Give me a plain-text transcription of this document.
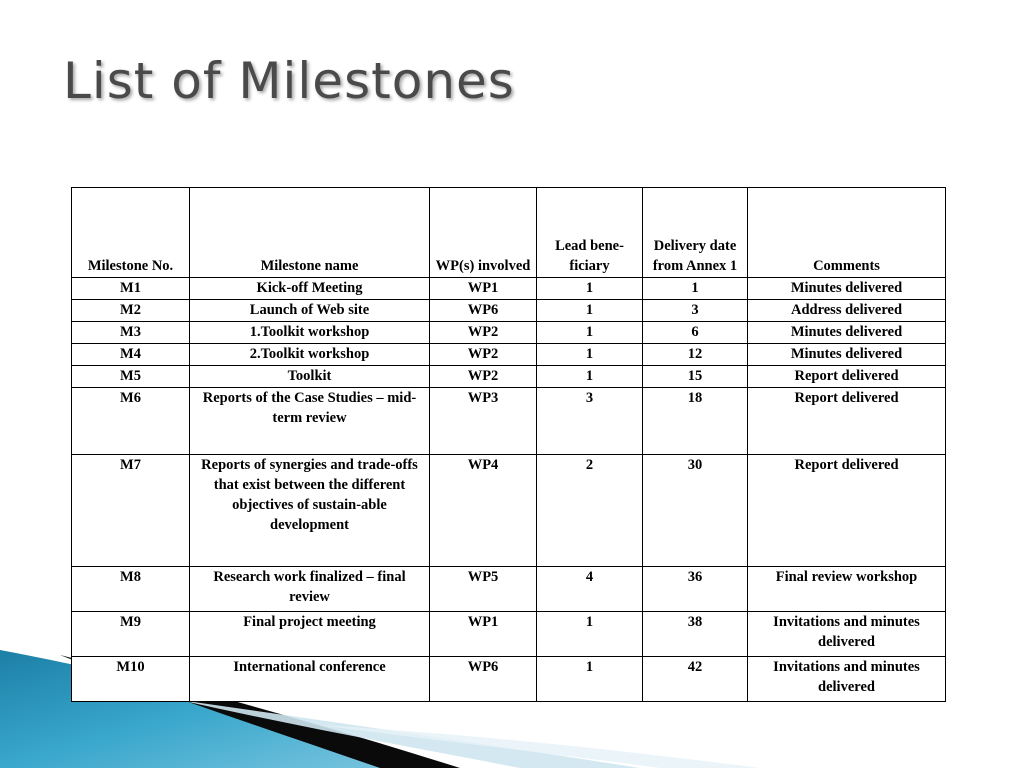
List of Milestones
Milestone No.	Milestone name	WP(s) involved	Lead bene-ficiary	Delivery date from Annex 1	Comments
M1	Kick-off Meeting	WP1	1	1	Minutes delivered
M2	Launch of Web site	WP6	1	3	Address delivered
M3	1.Toolkit workshop	WP2	1	6	Minutes delivered
M4	2.Toolkit workshop	WP2	1	12	Minutes delivered
M5	Toolkit	WP2	1	15	Report delivered
M6	Reports of the Case Studies – mid-term review	WP3	3	18	Report delivered
M7	Reports of synergies and trade-offs that exist between the different objectives of sustain-able development	WP4	2	30	Report delivered
M8	Research work finalized – final review	WP5	4	36	Final review workshop
M9	Final project meeting	WP1	1	38	Invitations and minutes delivered
M10	International conference	WP6	1	42	Invitations and minutes delivered
